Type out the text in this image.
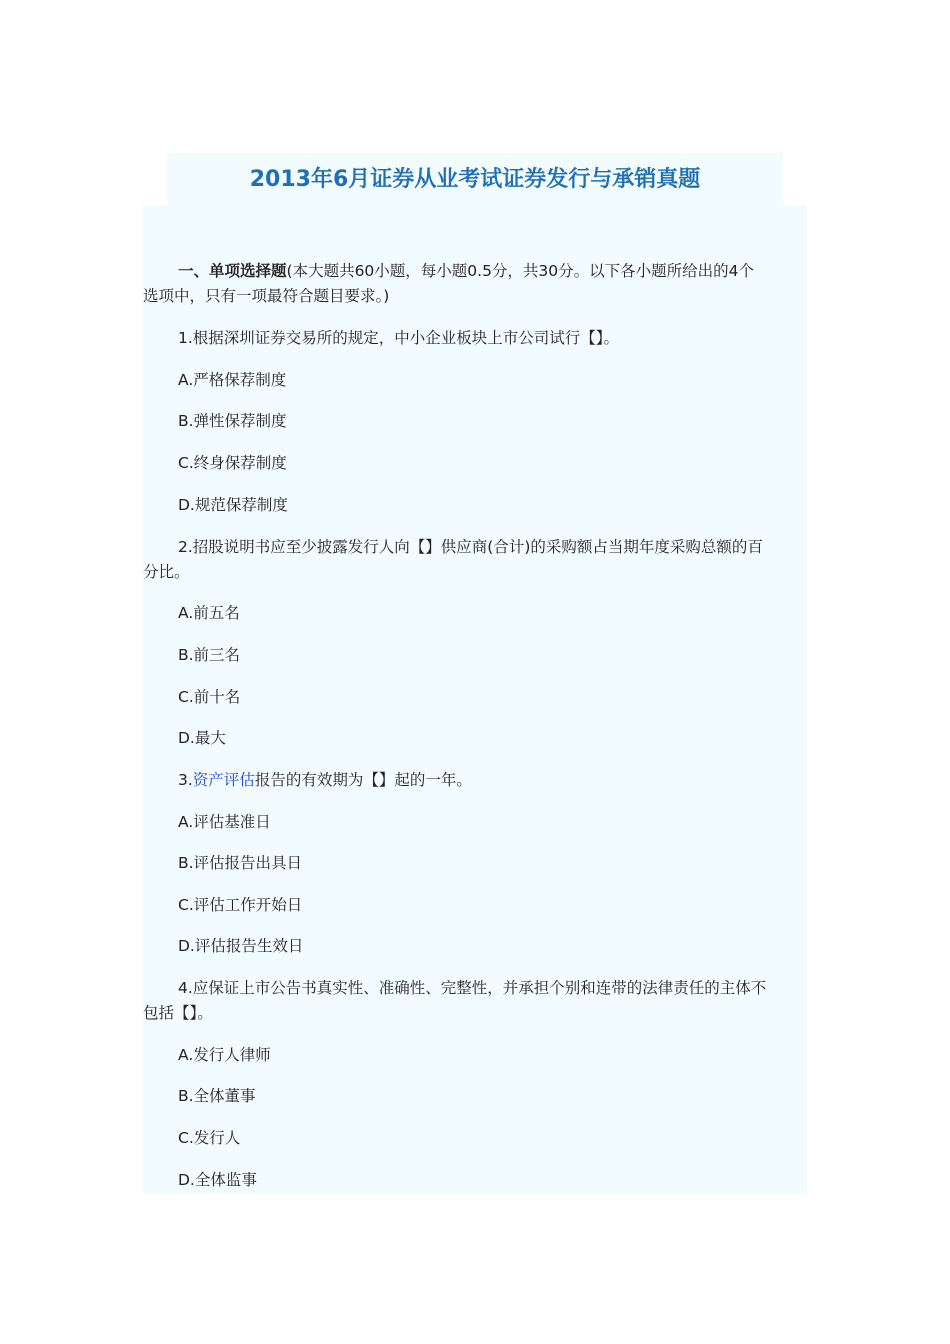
2013年6月证券从业考试证券发行与承销真题

一、单项选择题(本大题共60小题，每小题0.5分，共30分。以下各小题所给出的4个

选项中，只有一项最符合题目要求。)

1.根据深圳证券交易所的规定，中小企业板块上市公司试行【】。

A.严格保荐制度

B.弹性保荐制度

C.终身保荐制度

D.规范保荐制度

2.招股说明书应至少披露发行人向【】供应商(合计)的采购额占当期年度采购总额的百

分比。

A.前五名

B.前三名

C.前十名

D.最大

3.资产评估报告的有效期为【】起的一年。

A.评估基准日

B.评估报告出具日

C.评估工作开始日

D.评估报告生效日

4.应保证上市公告书真实性、准确性、完整性，并承担个别和连带的法律责任的主体不

包括【】。

A.发行人律师

B.全体董事

C.发行人

D.全体监事
